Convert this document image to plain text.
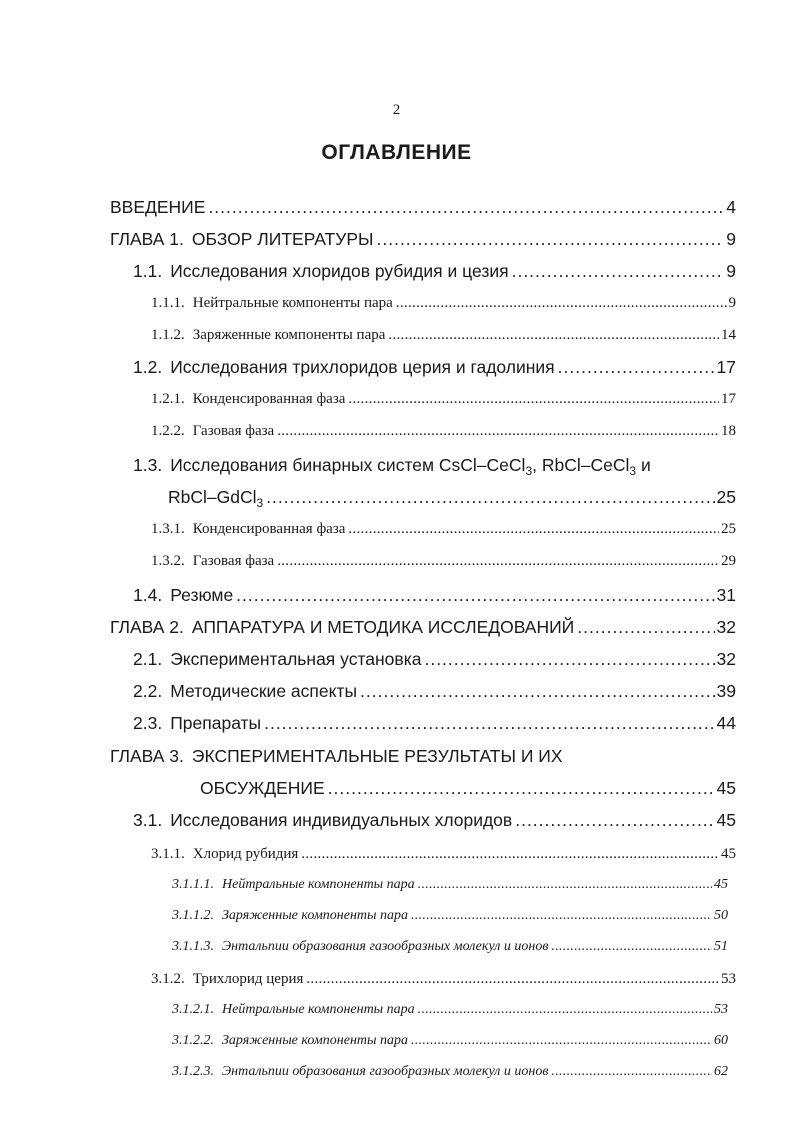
2
ОГЛАВЛЕНИЕ
ВВЕДЕНИЕ .....	4
ГЛАВА 1. ОБЗОР ЛИТЕРАТУРЫ .....	9
1.1. Исследования хлоридов рубидия и цезия .....	9
1.1.1. Нейтральные компоненты пара .....	9
1.1.2. Заряженные компоненты пара .....	14
1.2. Исследования трихлоридов церия и гадолиния .....	17
1.2.1. Конденсированная фаза .....	17
1.2.2. Газовая фаза .....	18
1.3. Исследования бинарных систем CsCl–CeCl$_3$, RbCl–CeCl$_3$ и
RbCl–GdCl$_3$ .....	25
1.3.1. Конденсированная фаза .....	25
1.3.2. Газовая фаза .....	29
1.4. Резюме .....	31
ГЛАВА 2. АППАРАТУРА И МЕТОДИКА ИССЛЕДОВАНИЙ .....	32
2.1. Экспериментальная установка .....	32
2.2. Методические аспекты .....	39
2.3. Препараты .....	44
ГЛАВА 3. ЭКСПЕРИМЕНТАЛЬНЫЕ РЕЗУЛЬТАТЫ И ИХ
ОБСУЖДЕНИЕ .....	45
3.1. Исследования индивидуальных хлоридов .....	45
3.1.1. Хлорид рубидия .....	45
3.1.1.1. Нейтральные компоненты пара .....	45
3.1.1.2. Заряженные компоненты пара .....	50
3.1.1.3. Энтальпии образования газообразных молекул и ионов .....	51
3.1.2. Трихлорид церия .....	53
3.1.2.1. Нейтральные компоненты пара .....	53
3.1.2.2. Заряженные компоненты пара .....	60
3.1.2.3. Энтальпии образования газообразных молекул и ионов .....	62
